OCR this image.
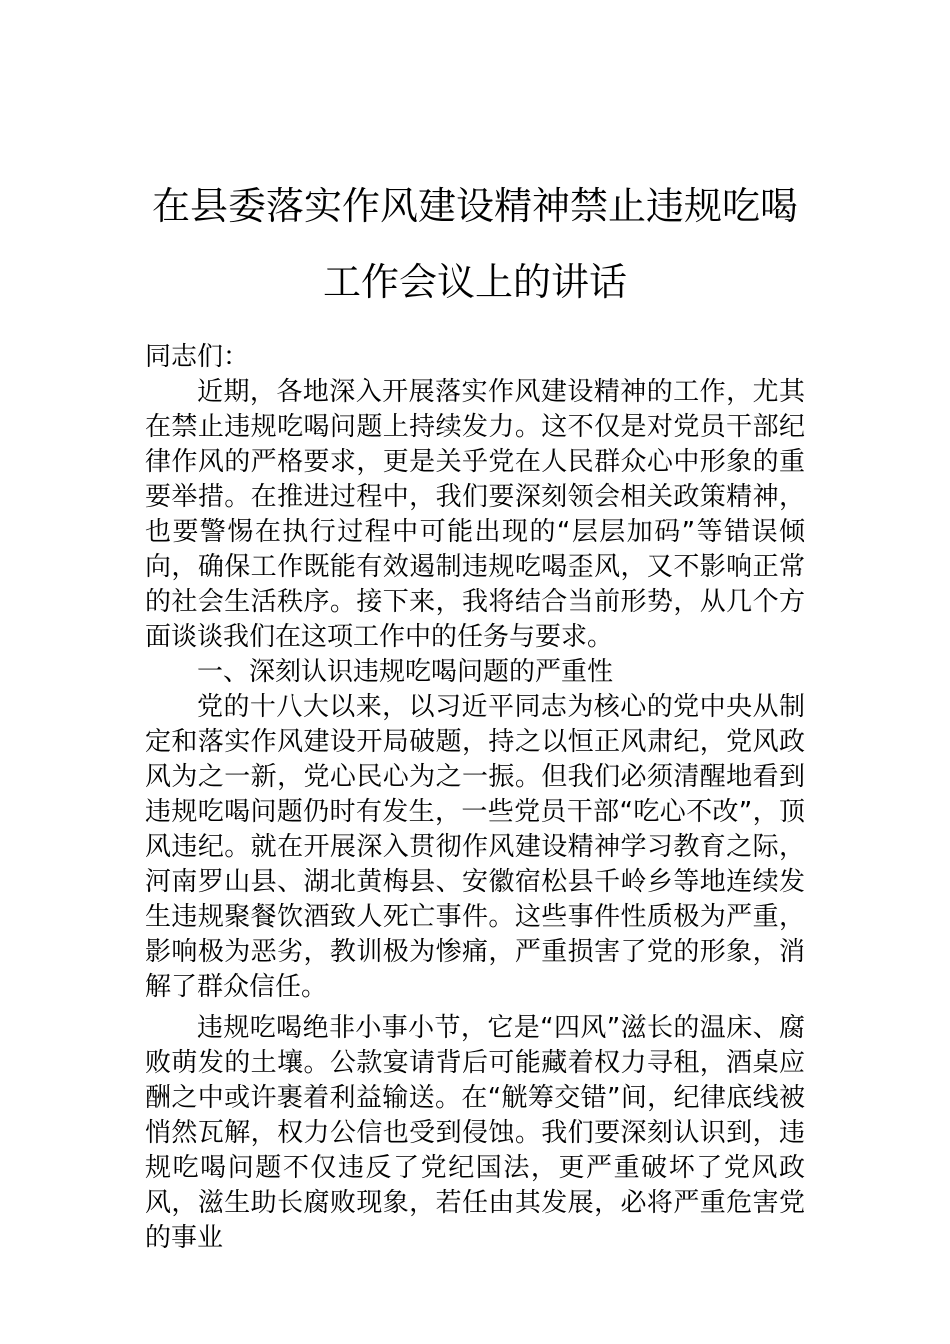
在县委落实作风建设精神禁止违规吃喝工作会议上的讲话

同志们：

近期，各地深入开展落实作风建设精神的工作，尤其在禁止违规吃喝问题上持续发力。这不仅是对党员干部纪律作风的严格要求，更是关乎党在人民群众心中形象的重要举措。在推进过程中，我们要深刻领会相关政策精神，也要警惕在执行过程中可能出现的“层层加码”等错误倾向，确保工作既能有效遏制违规吃喝歪风，又不影响正常的社会生活秩序。接下来，我将结合当前形势，从几个方面谈谈我们在这项工作中的任务与要求。

一、深刻认识违规吃喝问题的严重性

党的十八大以来，以习近平同志为核心的党中央从制定和落实作风建设开局破题，持之以恒正风肃纪，党风政风为之一新，党心民心为之一振。但我们必须清醒地看到违规吃喝问题仍时有发生，一些党员干部“吃心不改”，顶风违纪。就在开展深入贯彻作风建设精神学习教育之际，河南罗山县、湖北黄梅县、安徽宿松县千岭乡等地连续发生违规聚餐饮酒致人死亡事件。这些事件性质极为严重，影响极为恶劣，教训极为惨痛，严重损害了党的形象，消解了群众信任。

违规吃喝绝非小事小节，它是“四风”滋长的温床、腐败萌发的土壤。公款宴请背后可能藏着权力寻租，酒桌应酬之中或许裹着利益输送。在“觥筹交错”间，纪律底线被悄然瓦解，权力公信也受到侵蚀。我们要深刻认识到，违规吃喝问题不仅违反了党纪国法，更严重破坏了党风政风，滋生助长腐败现象，若任由其发展，必将严重危害党的事业
